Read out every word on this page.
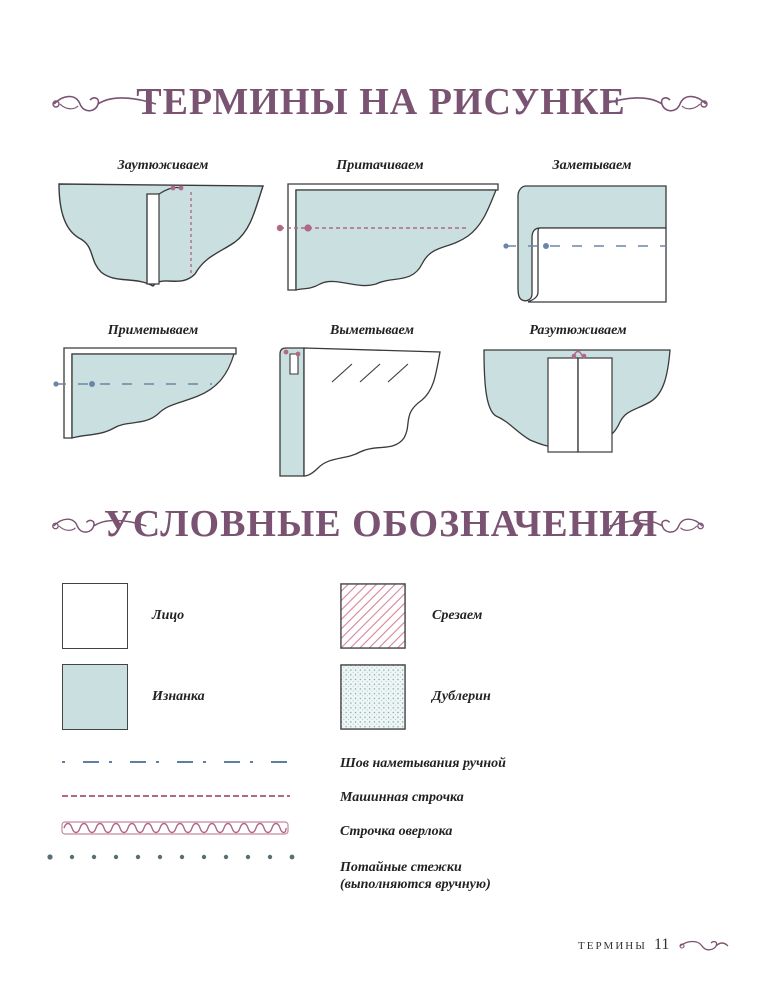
ТЕРМИНЫ НА РИСУНКЕ
Заутюживаем	Притачиваем	Заметываем
Приметываем	Выметываем	Разутюживаем
УСЛОВНЫЕ ОБОЗНАЧЕНИЯ
Лицо
Изнанка
Срезаем
Дублерин
Шов наметывания ручной
Машинная строчка
Строчка оверлока
Потайные стежки
(выполняются вручную)
ТЕРМИНЫ 11
